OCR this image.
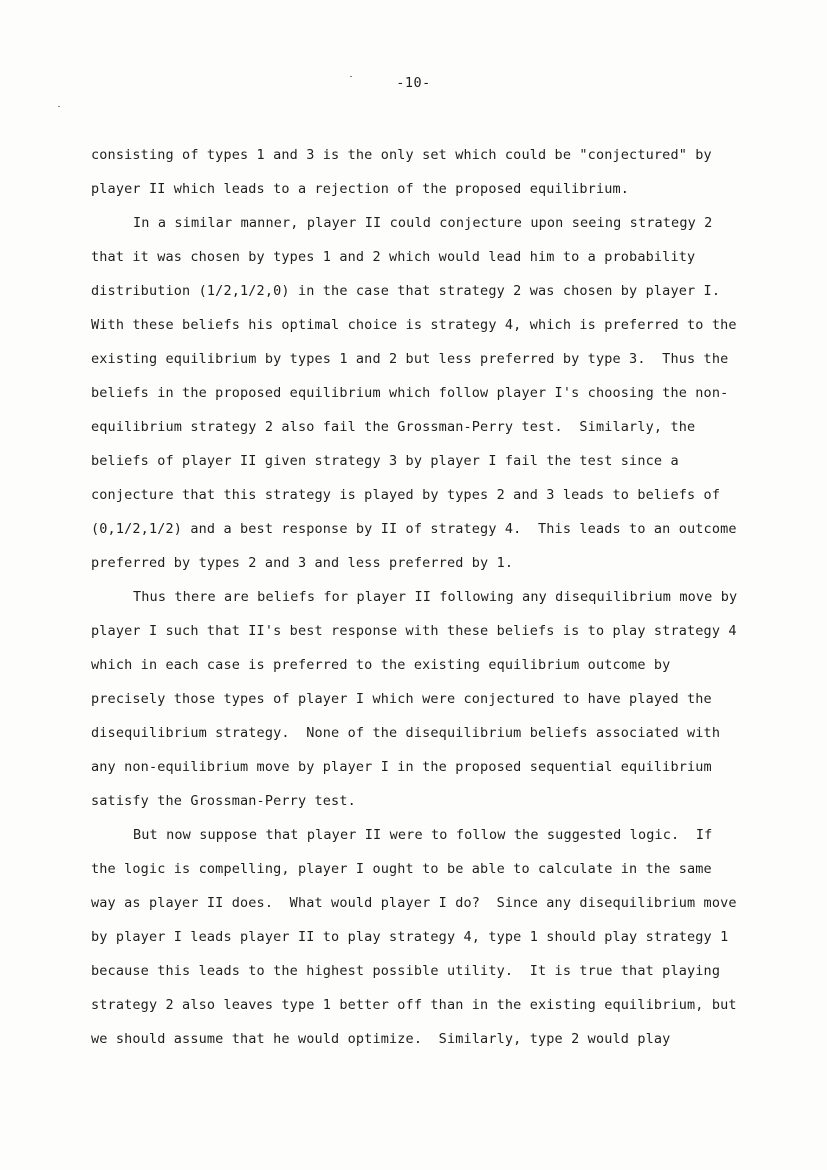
-10-
consisting of types 1 and 3 is the only set which could be "conjectured" by
player II which leads to a rejection of the proposed equilibrium.
In a similar manner, player II could conjecture upon seeing strategy 2
that it was chosen by types 1 and 2 which would lead him to a probability
distribution (1/2,1/2,0) in the case that strategy 2 was chosen by player I.
With these beliefs his optimal choice is strategy 4, which is preferred to the
existing equilibrium by types 1 and 2 but less preferred by type 3.  Thus the
beliefs in the proposed equilibrium which follow player I's choosing the non-
equilibrium strategy 2 also fail the Grossman-Perry test.  Similarly, the
beliefs of player II given strategy 3 by player I fail the test since a
conjecture that this strategy is played by types 2 and 3 leads to beliefs of
(0,1/2,1/2) and a best response by II of strategy 4.  This leads to an outcome
preferred by types 2 and 3 and less preferred by 1.
Thus there are beliefs for player II following any disequilibrium move by
player I such that II's best response with these beliefs is to play strategy 4
which in each case is preferred to the existing equilibrium outcome by
precisely those types of player I which were conjectured to have played the
disequilibrium strategy.  None of the disequilibrium beliefs associated with
any non-equilibrium move by player I in the proposed sequential equilibrium
satisfy the Grossman-Perry test.
But now suppose that player II were to follow the suggested logic.  If
the logic is compelling, player I ought to be able to calculate in the same
way as player II does.  What would player I do?  Since any disequilibrium move
by player I leads player II to play strategy 4, type 1 should play strategy 1
because this leads to the highest possible utility.  It is true that playing
strategy 2 also leaves type 1 better off than in the existing equilibrium, but
we should assume that he would optimize.  Similarly, type 2 would play
